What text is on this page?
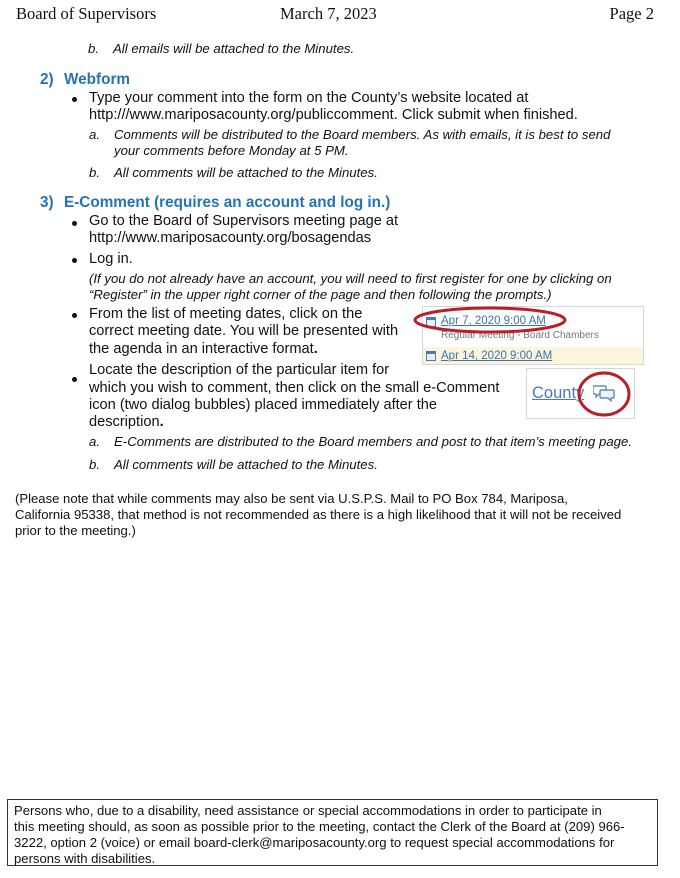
Board of Supervisors	March 7, 2023	Page 2
b. All emails will be attached to the Minutes.
2) Webform
Type your comment into the form on the County’s website located at
http:///www.mariposacounty.org/publiccomment. Click submit when finished.
a. Comments will be distributed to the Board members. As with emails, it is best to send
your comments before Monday at 5 PM.
b. All comments will be attached to the Minutes.
3) E-Comment (requires an account and log in.)
Go to the Board of Supervisors meeting page at
http://www.mariposacounty.org/bosagendas
Log in.
(If you do not already have an account, you will need to first register for one by clicking on
“Register” in the upper right corner of the page and then following the prompts.)
From the list of meeting dates, click on the
correct meeting date. You will be presented with
the agenda in an interactive format.
Apr 7, 2020 9:00 AM
Regular Meeting - Board Chambers
Apr 14, 2020 9:00 AM
Locate the description of the particular item for
which you wish to comment, then click on the small e-Comment
icon (two dialog bubbles) placed immediately after the
description.
County
a. E-Comments are distributed to the Board members and post to that item’s meeting page.
b. All comments will be attached to the Minutes.
(Please note that while comments may also be sent via U.S.P.S. Mail to PO Box 784, Mariposa,
California 95338, that method is not recommended as there is a high likelihood that it will not be received
prior to the meeting.)
Persons who, due to a disability, need assistance or special accommodations in order to participate in
this meeting should, as soon as possible prior to the meeting, contact the Clerk of the Board at (209) 966-
3222, option 2 (voice) or email board-clerk@mariposacounty.org to request special accommodations for
persons with disabilities.
